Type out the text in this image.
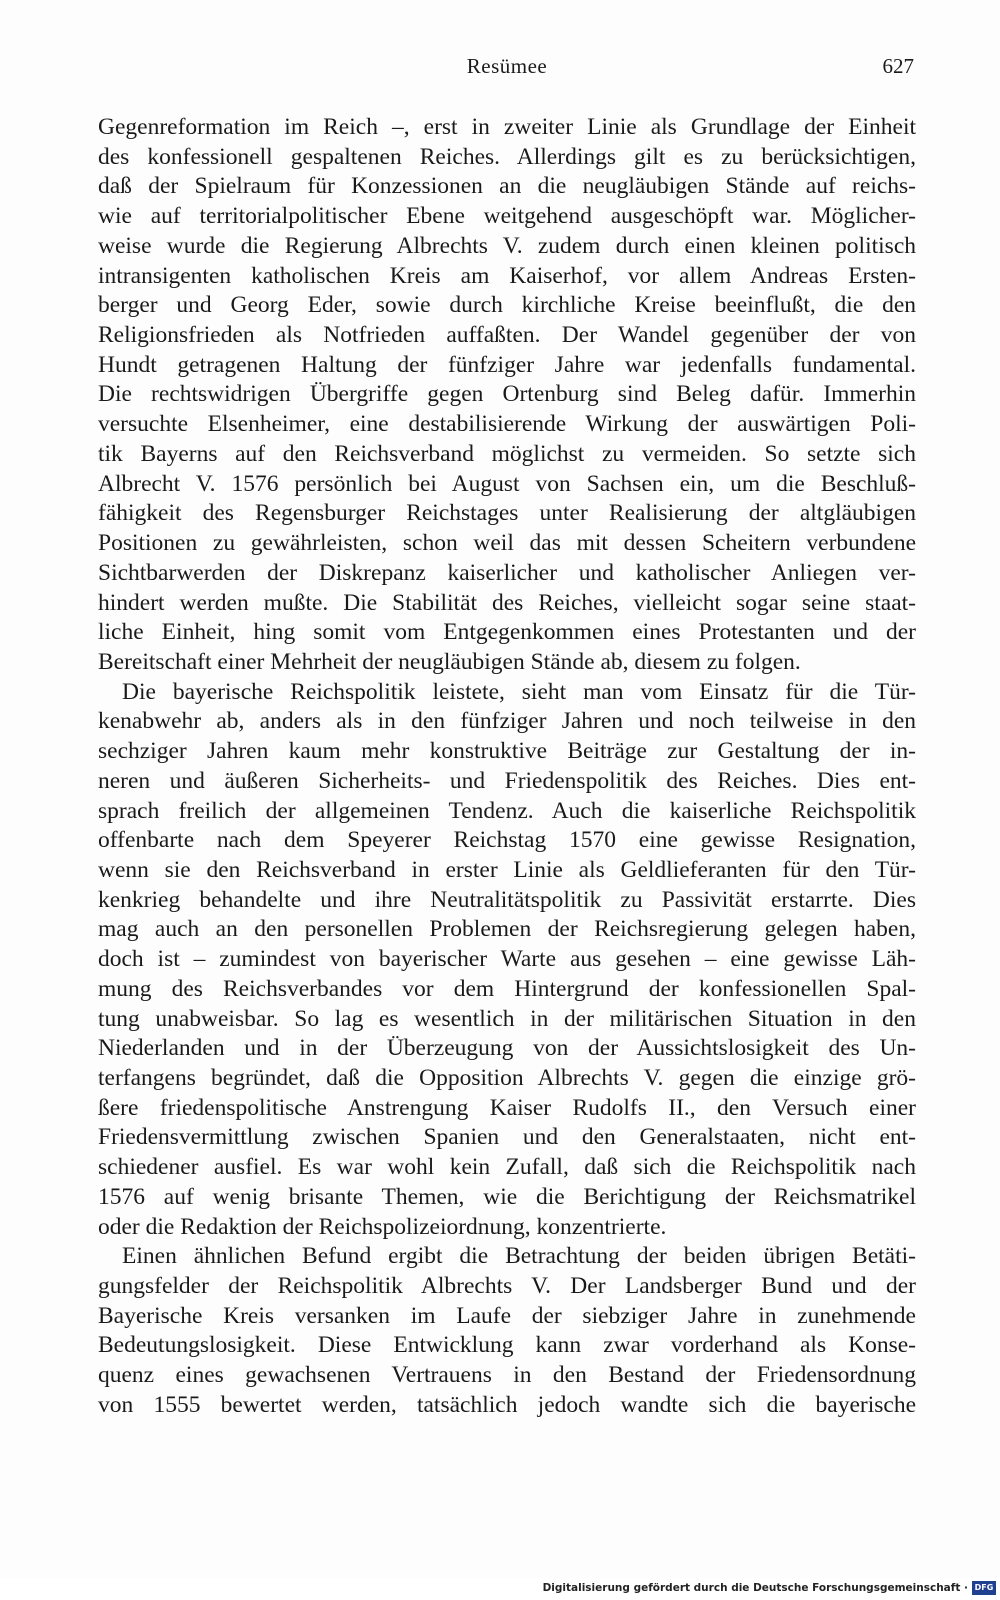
Resümee	627
Gegenreformation im Reich –, erst in zweiter Linie als Grundlage der Einheit
des konfessionell gespaltenen Reiches. Allerdings gilt es zu berücksichtigen,
daß der Spielraum für Konzessionen an die neugläubigen Stände auf reichs-
wie auf territorialpolitischer Ebene weitgehend ausgeschöpft war. Möglicher-
weise wurde die Regierung Albrechts V. zudem durch einen kleinen politisch
intransigenten katholischen Kreis am Kaiserhof, vor allem Andreas Ersten-
berger und Georg Eder, sowie durch kirchliche Kreise beeinflußt, die den
Religionsfrieden als Notfrieden auffaßten. Der Wandel gegenüber der von
Hundt getragenen Haltung der fünfziger Jahre war jedenfalls fundamental.
Die rechtswidrigen Übergriffe gegen Ortenburg sind Beleg dafür. Immerhin
versuchte Elsenheimer, eine destabilisierende Wirkung der auswärtigen Poli-
tik Bayerns auf den Reichsverband möglichst zu vermeiden. So setzte sich
Albrecht V. 1576 persönlich bei August von Sachsen ein, um die Beschluß-
fähigkeit des Regensburger Reichstages unter Realisierung der altgläubigen
Positionen zu gewährleisten, schon weil das mit dessen Scheitern verbundene
Sichtbarwerden der Diskrepanz kaiserlicher und katholischer Anliegen ver-
hindert werden mußte. Die Stabilität des Reiches, vielleicht sogar seine staat-
liche Einheit, hing somit vom Entgegenkommen eines Protestanten und der
Bereitschaft einer Mehrheit der neugläubigen Stände ab, diesem zu folgen.
Die bayerische Reichspolitik leistete, sieht man vom Einsatz für die Tür-
kenabwehr ab, anders als in den fünfziger Jahren und noch teilweise in den
sechziger Jahren kaum mehr konstruktive Beiträge zur Gestaltung der in-
neren und äußeren Sicherheits- und Friedenspolitik des Reiches. Dies ent-
sprach freilich der allgemeinen Tendenz. Auch die kaiserliche Reichspolitik
offenbarte nach dem Speyerer Reichstag 1570 eine gewisse Resignation,
wenn sie den Reichsverband in erster Linie als Geldlieferanten für den Tür-
kenkrieg behandelte und ihre Neutralitätspolitik zu Passivität erstarrte. Dies
mag auch an den personellen Problemen der Reichsregierung gelegen haben,
doch ist – zumindest von bayerischer Warte aus gesehen – eine gewisse Läh-
mung des Reichsverbandes vor dem Hintergrund der konfessionellen Spal-
tung unabweisbar. So lag es wesentlich in der militärischen Situation in den
Niederlanden und in der Überzeugung von der Aussichtslosigkeit des Un-
terfangens begründet, daß die Opposition Albrechts V. gegen die einzige grö-
ßere friedenspolitische Anstrengung Kaiser Rudolfs II., den Versuch einer
Friedensvermittlung zwischen Spanien und den Generalstaaten, nicht ent-
schiedener ausfiel. Es war wohl kein Zufall, daß sich die Reichspolitik nach
1576 auf wenig brisante Themen, wie die Berichtigung der Reichsmatrikel
oder die Redaktion der Reichspolizeiordnung, konzentrierte.
Einen ähnlichen Befund ergibt die Betrachtung der beiden übrigen Betäti-
gungsfelder der Reichspolitik Albrechts V. Der Landsberger Bund und der
Bayerische Kreis versanken im Laufe der siebziger Jahre in zunehmende
Bedeutungslosigkeit. Diese Entwicklung kann zwar vorderhand als Konse-
quenz eines gewachsenen Vertrauens in den Bestand der Friedensordnung
von 1555 bewertet werden, tatsächlich jedoch wandte sich die bayerische
Digitalisierung gefördert durch die Deutsche Forschungsgemeinschaft · DFG
